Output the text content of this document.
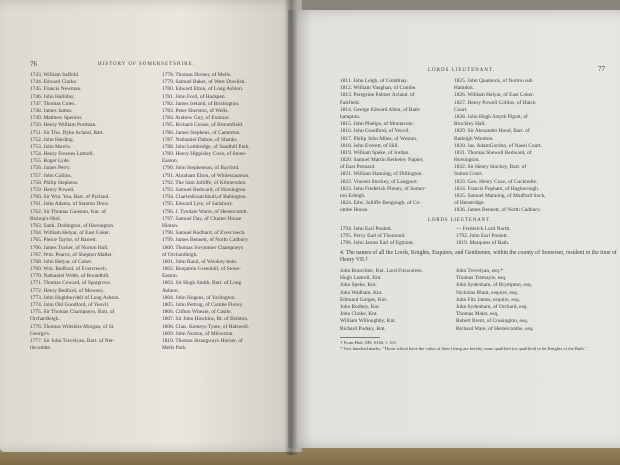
76	HISTORY OF SOMERSETSHIRE.
1743. William Saffold.
1744. Edward Clarke.
1745. Francis Newman.
1746. John Halliday.
1747. Thomas Coles.
1748. James James.
1749. Matthew Spencer.
1750. Henry William Portman.
1751. Sir Tho. Dyke Acland, Bart.
1752. John Harding.
1753. John Morris.
1754. Henry Fownes Luttrell.
1755. Roger Lyde.
1756. James Perry.
1757. John Collins.
1758. Philip Stephens.
1759. Henry Powell.
1760. Sir Wm. Yea, Bart. of Pyrland.
1761. John Adams, of Stanton Drew.
1762. Sir Thomas Gunston, Knt. of
Bishop's-Hull.
1763. Saml. Dodington, of Horsington.
1764. William Helyar, of East Coker.
1765. Pierce Taylor, of Barrett.
1766. James Tucker, of Norton Hall.
1767. Wm. Pearce, of Shepton Mallet.
1768. John Helyar, of Coker.
1769. Wm. Bedford, of Evercreech.
1770. Nathaniel Webb, of Roundhill.
1771. Thomas Coward, of Spargrove.
1772. Henry Bedford, of Mowsey.
1773. John Hughboydell of Long Ashton.
1774. John Old Goodford, of Yeovil.
1775. Sir Thomas Champneys, Bart. of
Orchardleigh.
1776. Thomas Wiltshire Morgan, of St.
George's.
1777. Sir John Trevelyan, Bart. of Net-
tlecombe.
1778. Thomas Horner, of Mells.
1779. Samuel Baker, of West Dowlish.
1780. Edward Elton, of Long Ashton.
1781. John Ford, of Hadspen.
1782. James Ireland, of Brislington.
1783. Peter Sherston, of Wells.
1784. Andrew Guy, of Exmoor.
1785. Richard Crosse, of Broomfield.
1786. James Stephens, of Camerton.
1787. Nathaniel Dalton, of Shanks.
1788. John Lethbridge, of Sandhill Park.
1789. Henry Hippisley Coxe, of Stone-
Easton.
1790. John Stephenson, of Bayford.
1791. Abraham Elton, of Whitestaunton.
1792. The Sam Jolliffe, of Kilmersdon.
1793. Samuel Bedward, of Horsington.
1794. CharlesKnatchbull,of Babington.
1795. Edward Lyte, of Salisbury.
1796. J. Tyndale Warre, of Hestercomb.
1797. Samuel Day, of Charter House
Hinton.
1798. Samuel Rodbard, of Evercreech.
1799. James Bennett, of North Cadbury.
1800. Thomas Swymmer Champneys
of Orchardleigh.
1801. John Band, of Wookey-hole.
1802. Benjamin Greenhill, of Stone-
Easton.
1803. Sir Hugh Smith, Bart. of Long
Ashton.
1804. John Hogens, of Yarlington.
1805. John Pettrug, of Combe Florey.
1806. Clifton Wheate, of Castle.
1807. Sir John Hawkins, Bt. of Bishton.
1808. Chas. Kemeys Tynte, of Halswell.
1809. John Norton, of Milverton.
1810. Thomas Strangways Horner, of
Mells Park.
LORDS LIEUTENANT.	77
1811. John Leigh, of Combhay.
1812. William Vaughan, of Combe.
1813. Peregrine Palmer Acland, of
Fairfield.
1814. George Edward Allen, of Bath-
hampton.
1815. John Phelips, of Montacute.
1816. John Goodford, of Yeovil.
1817. Philip John Miles, of Weston.
1818. John Everett, of Hill.
1819. William Speke, of Jordan.
1820. Samuel Martin Berkeley Napier,
of East Pennard.
1821. William Hanning, of Dillington.
1822. Vincent Stuckey, of Langport.
1823. John Frederick Pinney, of Somer-
ton Erleigh.
1824. Edw. Jolliffe Bengough, of Co-
ombe House.
1825. John Quantock, of Norton sub
Hamdon.
1826. William Helyar, of East Coker.
1827. Henry Powell Collins, of Hatch
Court.
1828. John Hugh Smyth Pigott, of
Brockley Hall.
1829. Sir Alexander Hood, Bart. of
Butleigh Wootton.
1830. Jas. AdamGordon, of Nasel Court.
1831. Thomas Shewell Bedward, of
Horsington.
1832. Sir Henry Stuckey, Bart. of
Sutton Court.
1833. Geo. Henry Coxe, of Cucknolle.
1834. Francis Popham, of Hagborough.
1835. Samuel Manning, of Mudford Sock,
of Henstridge.
1836. James Bennett, of North Cadbury.
LORDS LIEUTENANT.
1794. John Earl Poulett.
1795. Percy Earl of Thomond.
1796. John James Earl of Egmont.
— Frederick Lord North.
1792. John Earl Poulett.
1819. Marquess of Bath.
4. The names of all the Lords, Knights, Esquires, and Gentlemen, within the county of Somerset, resident in the time of Henry VII.†
John Bourchier, Knt. Lord Fitzwarren.
Hugh Luttrell, Knt.
John Speke, Knt.
John Wadham, Knt.
Edmund Gorges, Knt.
John Rodney, Knt.
John Choke, Knt.
William Willoughby, Knt.
Richard Pudsey, Knt.
John Trevelyan, esq.*
Thomas Tremayle, esq.
John Sydenham, of Brympton, esq.
Nicholas Blunt, esquire, esq.
John Fitz James, esquire, esq.
John Sydenham, of Orchard, esq.
Thomas Malet, esq.
Robert Brent, of Cossington, esq.
Richard Ware, of Hestercombe, esq.
† From Harl. MS. 6166, f. 101.
* Two hundred marks. "Those which have the value of their living are hereby, none qualified (or qualified) to be Knights of the Bath."
